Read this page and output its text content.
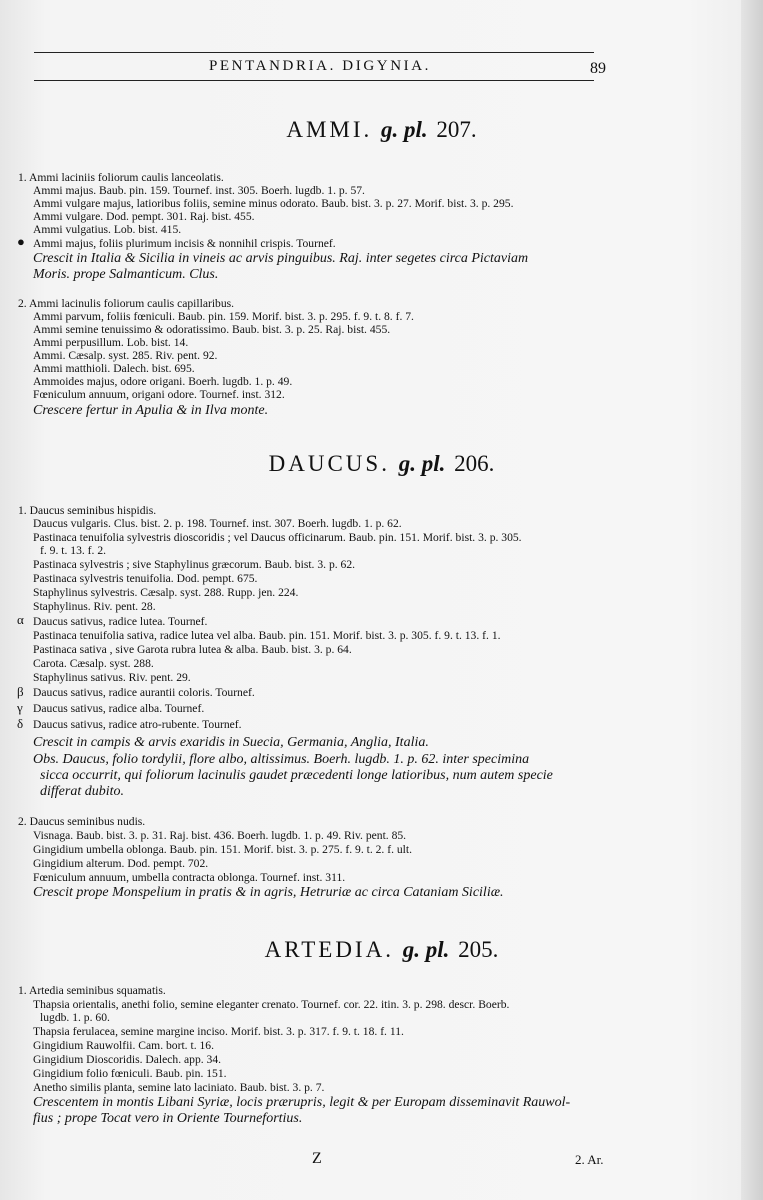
PENTANDRIA. DIGYNIA.	89
AMMI. g. pl. 207.
1. Ammi laciniis foliorum caulis lanceolatis.
Ammi majus. Baub. pin. 159. Tournef. inst. 305. Boerh. lugdb. 1. p. 57.
Ammi vulgare majus, latioribus foliis, semine minus odorato. Baub. bist. 3. p. 27. Morif. bist. 3. p. 295.
Ammi vulgare. Dod. pempt. 301. Raj. bist. 455.
Ammi vulgatius. Lob. bist. 415.
● Ammi majus, foliis plurimum incisis & nonnihil crispis. Tournef.
Crescit in Italia & Sicilia in vineis ac arvis pinguibus. Raj. inter segetes circa Pictaviam
Moris. prope Salmanticum. Clus.
2. Ammi lacinulis foliorum caulis capillaribus.
Ammi parvum, foliis fœniculi. Baub. pin. 159. Morif. bist. 3. p. 295. f. 9. t. 8. f. 7.
Ammi semine tenuissimo & odoratissimo. Baub. bist. 3. p. 25. Raj. bist. 455.
Ammi perpusillum. Lob. bist. 14.
Ammi. Cæsalp. syst. 285. Riv. pent. 92.
Ammi matthioli. Dalech. bist. 695.
Ammoides majus, odore origani. Boerh. lugdb. 1. p. 49.
Fœniculum annuum, origani odore. Tournef. inst. 312.
Crescere fertur in Apulia & in Ilva monte.
DAUCUS. g. pl. 206.
1. Daucus seminibus hispidis.
Daucus vulgaris. Clus. bist. 2. p. 198. Tournef. inst. 307. Boerh. lugdb. 1. p. 62.
Pastinaca tenuifolia sylvestris dioscoridis ; vel Daucus officinarum. Baub. pin. 151. Morif. bist. 3. p. 305.
f. 9. t. 13. f. 2.
Pastinaca sylvestris ; sive Staphylinus græcorum. Baub. bist. 3. p. 62.
Pastinaca sylvestris tenuifolia. Dod. pempt. 675.
Staphylinus sylvestris. Cæsalp. syst. 288. Rupp. jen. 224.
Staphylinus. Riv. pent. 28.
α Daucus sativus, radice lutea. Tournef.
Pastinaca tenuifolia sativa, radice lutea vel alba. Baub. pin. 151. Morif. bist. 3. p. 305. f. 9. t. 13. f. 1.
Pastinaca sativa , sive Garota rubra lutea & alba. Baub. bist. 3. p. 64.
Carota. Cæsalp. syst. 288.
Staphylinus sativus. Riv. pent. 29.
β Daucus sativus, radice aurantii coloris. Tournef.
γ Daucus sativus, radice alba. Tournef.
δ Daucus sativus, radice atro-rubente. Tournef.
Crescit in campis & arvis exaridis in Suecia, Germania, Anglia, Italia.
Obs. Daucus, folio tordylii, flore albo, altissimus. Boerh. lugdb. 1. p. 62. inter specimina
sicca occurrit, qui foliorum lacinulis gaudet præcedenti longe latioribus, num autem specie
differat dubito.
2. Daucus seminibus nudis.
Visnaga. Baub. bist. 3. p. 31. Raj. bist. 436. Boerh. lugdb. 1. p. 49. Riv. pent. 85.
Gingidium umbella oblonga. Baub. pin. 151. Morif. bist. 3. p. 275. f. 9. t. 2. f. ult.
Gingidium alterum. Dod. pempt. 702.
Fœniculum annuum, umbella contracta oblonga. Tournef. inst. 311.
Crescit prope Monspelium in pratis & in agris, Hetruriæ ac circa Cataniam Siciliæ.
ARTEDIA. g. pl. 205.
1. Artedia seminibus squamatis.
Thapsia orientalis, anethi folio, semine eleganter crenato. Tournef. cor. 22. itin. 3. p. 298. descr. Boerb.
lugdb. 1. p. 60.
Thapsia ferulacea, semine margine inciso. Morif. bist. 3. p. 317. f. 9. t. 18. f. 11.
Gingidium Rauwolfii. Cam. bort. t. 16.
Gingidium Dioscoridis. Dalech. app. 34.
Gingidium folio fœniculi. Baub. pin. 151.
Anetho similis planta, semine lato laciniato. Baub. bist. 3. p. 7.
Crescentem in montis Libani Syriæ, locis prærupris, legit & per Europam disseminavit Rauwol-
fius ; prope Tocat vero in Oriente Tournefortius.
Z	2. Ar.
